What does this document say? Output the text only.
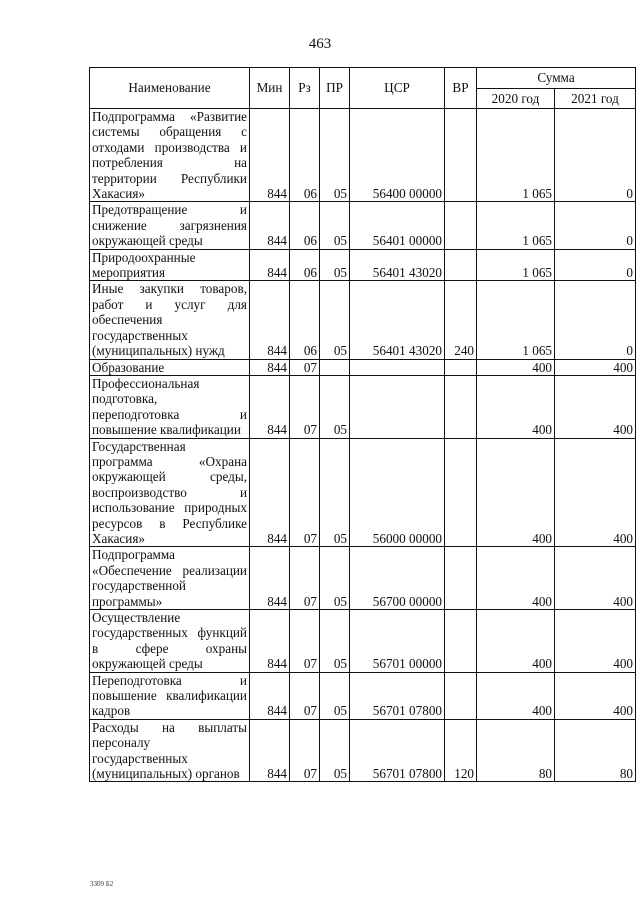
463
Наименование	Мин	Рз	ПР	ЦСР	ВР	Сумма	
						2020 год	2021 год
Подпрограмма «Развитие системы обращения с отходами производства и потребления на территории Республики Хакасия»	844	06	05	56400 00000		1 065	0
Предотвращение и снижение загрязнения окружающей среды	844	06	05	56401 00000		1 065	0
Природоохранные мероприятия	844	06	05	56401 43020		1 065	0
Иные закупки товаров, работ и услуг для обеспечения государственных (муниципальных) нужд	844	06	05	56401 43020	240	1 065	0
Образование	844	07				400	400
Профессиональная подготовка, переподготовка и повышение квалификации	844	07	05			400	400
Государственная программа «Охрана окружающей среды, воспроизводство и использование природных ресурсов в Республике Хакасия»	844	07	05	56000 00000		400	400
Подпрограмма «Обеспечение реализации государственной программы»	844	07	05	56700 00000		400	400
Осуществление государственных функций в сфере охраны окружающей среды	844	07	05	56701 00000		400	400
Переподготовка и повышение квалификации кадров	844	07	05	56701 07800		400	400
Расходы на выплаты персоналу государственных (муниципальных) органов	844	07	05	56701 07800	120	80	80
3309 Б2
